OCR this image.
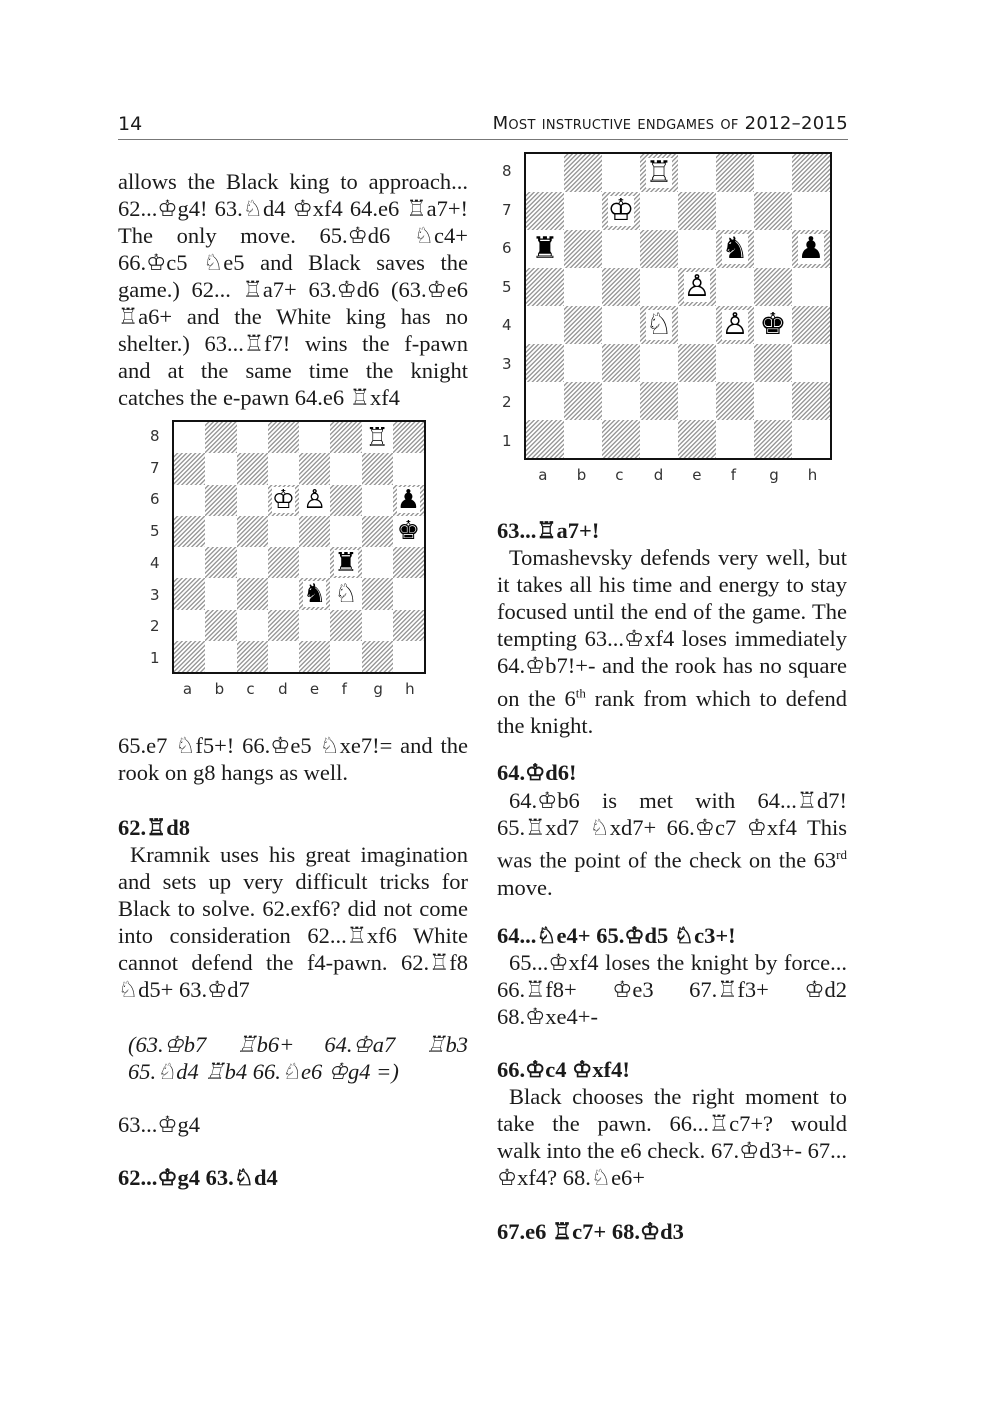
14	Most instructive endgames of 2012–2015

allows the Black king to approach... 62...♔g4! 63.♘d4 ♔xf4 64.e6 ♖a7+! The only move. 65.♔d6 ♘c4+ 66.♔c5 ♘e5 and Black saves the game.) 62... ♖a7+ 63.♔d6 (63.♔e6 ♖a6+ and the White king has no shelter.) 63...♖f7! wins the f-pawn and at the same time the knight catches the e-pawn 64.e6 ♖xf4

♖
♔ ♙	♟
♚
♜
♞ ♘
8
7
6
5
4
3
2
1
a b c d e f g h

65.e7 ♘f5+! 66.♔e5 ♘xe7!= and the rook on g8 hangs as well.

62.♖d8

Kramnik uses his great imagination and sets up very difficult tricks for Black to solve. 62.exf6? did not come into consideration 62...♖xf6 White cannot defend the f4-pawn. 62.♖f8 ♘d5+ 63.♔d7

(63.♔b7 ♖b6+ 64.♔a7 ♖b3 65.♘d4 ♖b4 66.♘e6 ♔g4 =)

63...♔g4

62...♔g4 63.♘d4

♖
♔
♜	♞ ♟
♙
♘ ♙ ♚
8
7
6
5
4
3
2
1
a b c d e f g h

63...♖a7+!

Tomashevsky defends very well, but it takes all his time and energy to stay focused until the end of the game. The tempting 63...♔xf4 loses immediately 64.♔b7!+- and the rook has no square on the 6th rank from which to defend the knight.

64.♔d6!

64.♔b6 is met with 64...♖d7! 65.♖xd7 ♘xd7+ 66.♔c7 ♔xf4 This was the point of the check on the 63rd move.

64...♘e4+ 65.♔d5 ♘c3+!

65...♔xf4 loses the knight by force... 66.♖f8+ ♔e3 67.♖f3+ ♔d2 68.♔xe4+-

66.♔c4 ♔xf4!

Black chooses the right moment to take the pawn. 66...♖c7+? would walk into the e6 check. 67.♔d3+- 67... ♔xf4? 68.♘e6+

67.e6 ♖c7+ 68.♔d3
